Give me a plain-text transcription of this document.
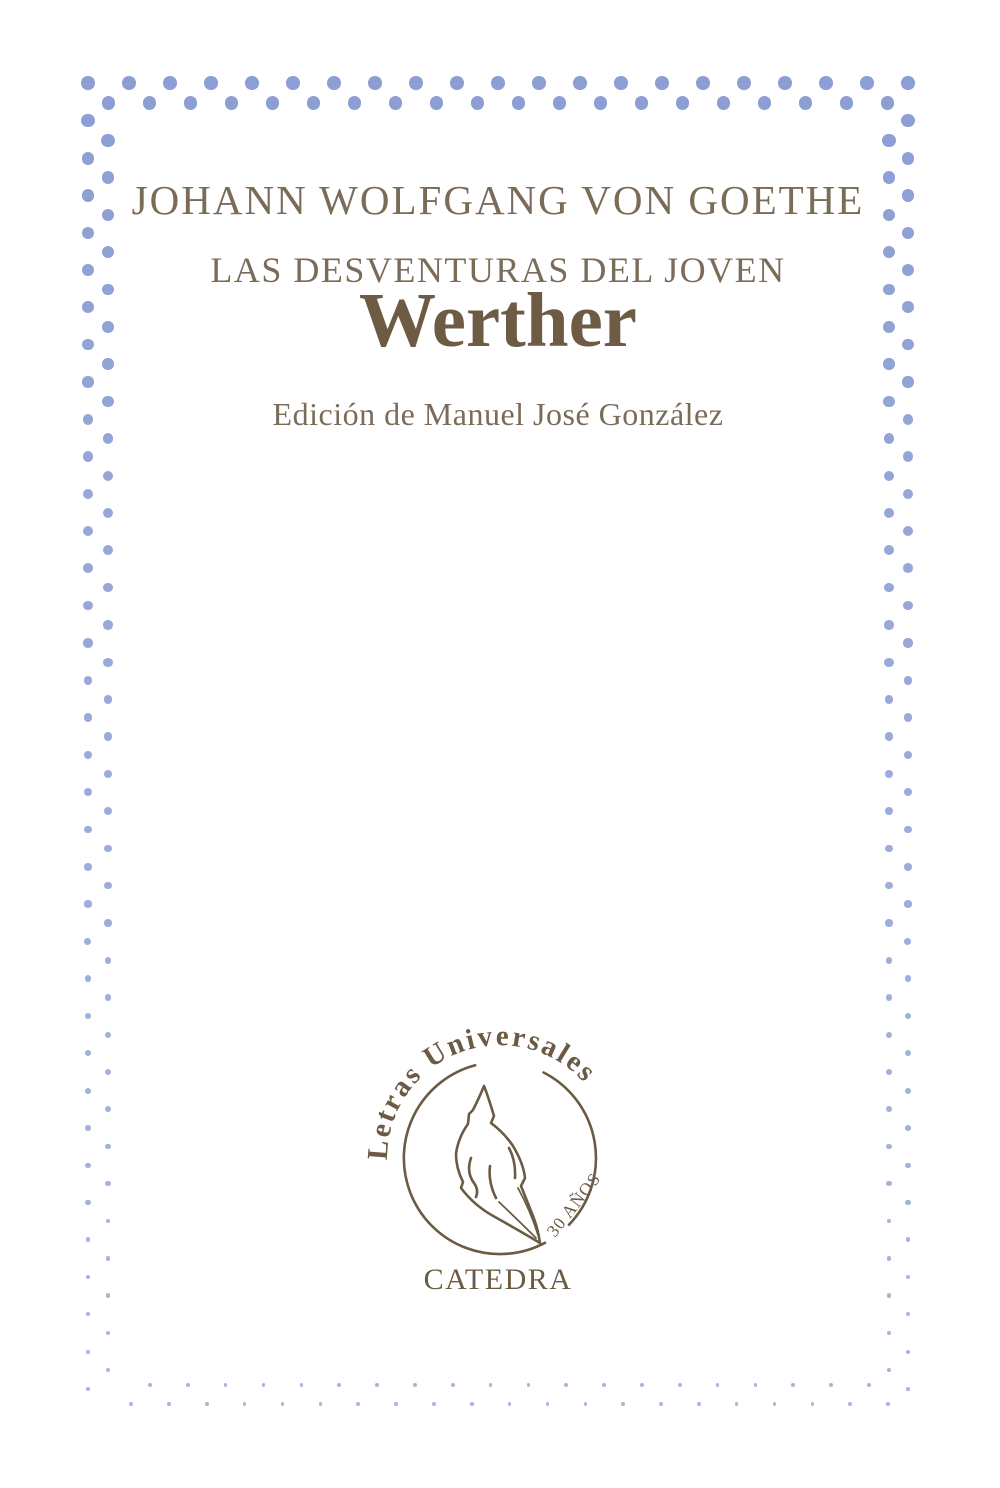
JOHANN WOLFGANG VON GOETHE
LAS DESVENTURAS DEL JOVEN
Werther
Edición de Manuel José González
Letras Universales
30 AÑOS
CATEDRA
